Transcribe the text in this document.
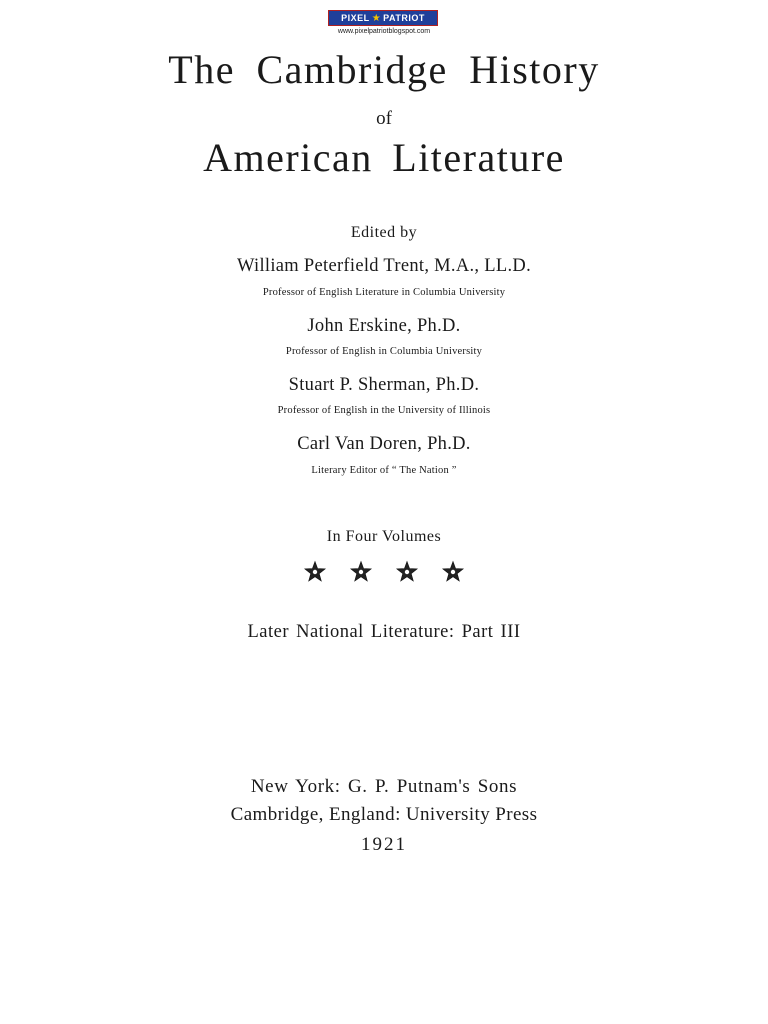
PIXEL ★ PATRIOT
www.pixelpatriotblogspot.com
The Cambridge History
of
American Literature
Edited by
William Peterfield Trent, M.A., LL.D.
Professor of English Literature in Columbia University
John Erskine, Ph.D.
Professor of English in Columbia University
Stuart P. Sherman, Ph.D.
Professor of English in the University of Illinois
Carl Van Doren, Ph.D.
Literary Editor of “ The Nation ”
In Four Volumes
Later National Literature: Part III
New York: G. P. Putnam's Sons
Cambridge, England: University Press
1921
